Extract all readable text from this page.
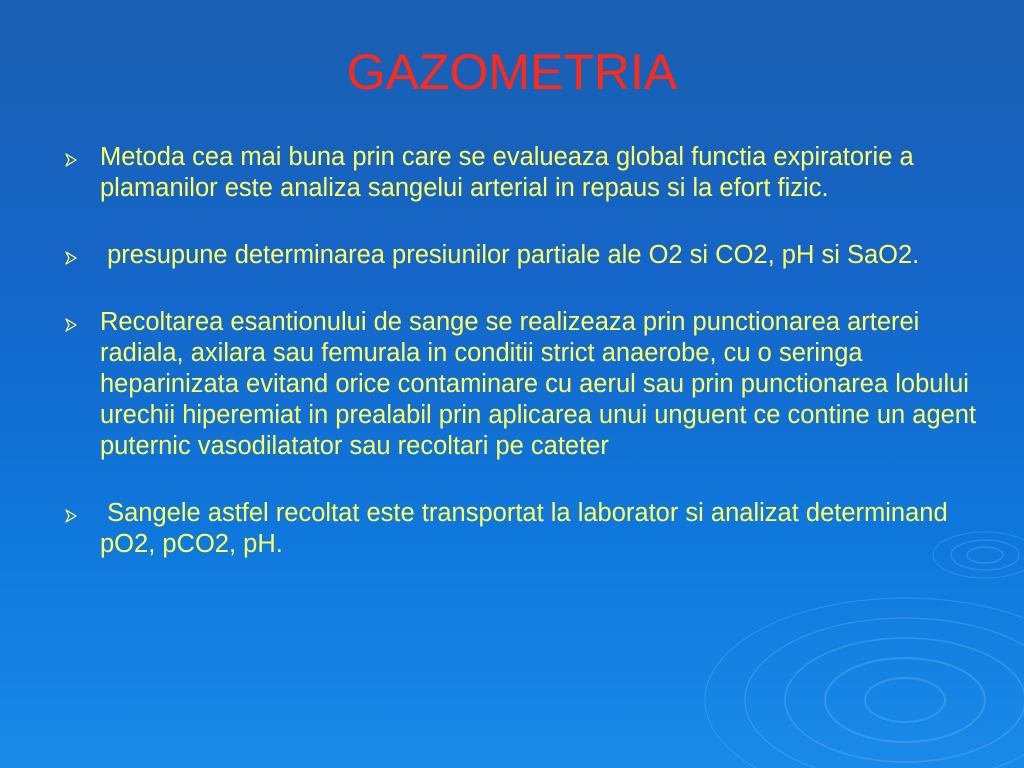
GAZOMETRIA
Metoda cea mai buna prin care se evalueaza global functia expiratorie a plamanilor este analiza sangelui arterial in repaus si la efort fizic.
presupune determinarea presiunilor partiale ale O2 si CO2, pH si SaO2.
Recoltarea esantionului de sange se realizeaza prin punctionarea arterei radiala, axilara sau femurala in conditii strict anaerobe, cu o seringa heparinizata evitand orice contaminare cu aerul sau prin punctionarea lobului urechii hiperemiat in prealabil prin aplicarea unui unguent ce contine un agent puternic vasodilatator sau recoltari pe cateter
Sangele astfel recoltat este transportat la laborator si analizat determinand pO2, pCO2, pH.
